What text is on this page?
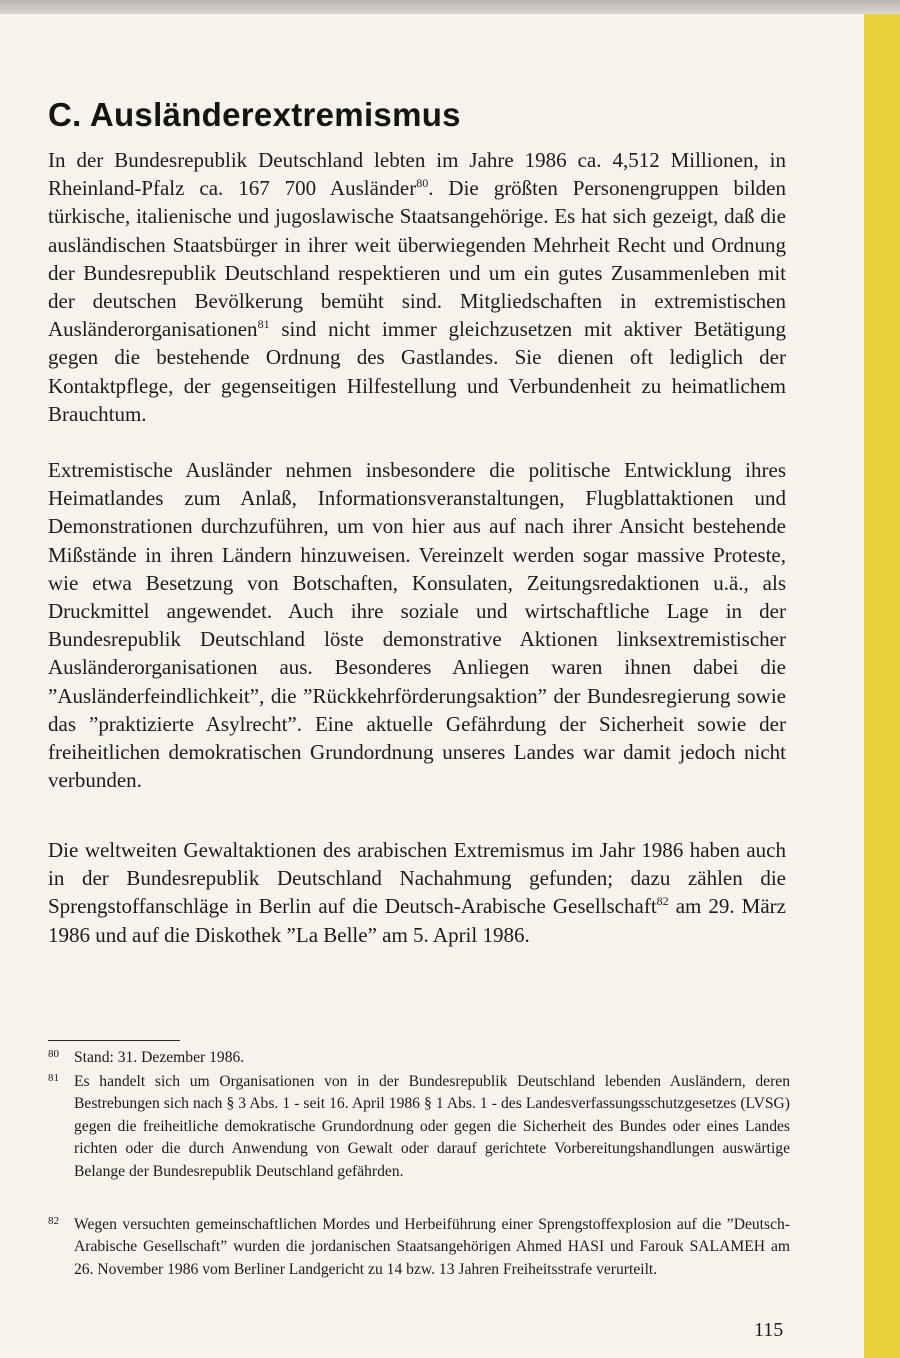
C. Ausländerextremismus

In der Bundesrepublik Deutschland lebten im Jahre 1986 ca. 4,512 Millionen, in Rheinland-Pfalz ca. 167 700 Ausländer$^{80}$. Die größten Personengruppen bilden türkische, italienische und jugoslawische Staatsangehörige. Es hat sich gezeigt, daß die ausländischen Staatsbürger in ihrer weit überwiegenden Mehrheit Recht und Ordnung der Bundesrepublik Deutschland respektieren und um ein gutes Zusammenleben mit der deutschen Bevölkerung bemüht sind. Mitgliedschaften in extremistischen Ausländerorganisationen$^{81}$ sind nicht immer gleichzusetzen mit aktiver Betätigung gegen die bestehende Ordnung des Gastlandes. Sie dienen oft lediglich der Kontaktpflege, der gegenseitigen Hilfestellung und Verbundenheit zu heimatlichem Brauchtum.

Extremistische Ausländer nehmen insbesondere die politische Entwicklung ihres Heimatlandes zum Anlaß, Informationsveranstaltungen, Flugblattaktionen und Demonstrationen durchzuführen, um von hier aus auf nach ihrer Ansicht bestehende Mißstände in ihren Ländern hinzuweisen. Vereinzelt werden sogar massive Proteste, wie etwa Besetzung von Botschaften, Konsulaten, Zeitungsredaktionen u.ä., als Druckmittel angewendet. Auch ihre soziale und wirtschaftliche Lage in der Bundesrepublik Deutschland löste demonstrative Aktionen linksextremistischer Ausländerorganisationen aus. Besonderes Anliegen waren ihnen dabei die ”Ausländerfeindlichkeit”, die ”Rückkehrförderungsaktion” der Bundesregierung sowie das ”praktizierte Asylrecht”. Eine aktuelle Gefährdung der Sicherheit sowie der freiheitlichen demokratischen Grundordnung unseres Landes war damit jedoch nicht verbunden.

Die weltweiten Gewaltaktionen des arabischen Extremismus im Jahr 1986 haben auch in der Bundesrepublik Deutschland Nachahmung gefunden; dazu zählen die Sprengstoffanschläge in Berlin auf die Deutsch-Arabische Gesellschaft$^{82}$ am 29. März 1986 und auf die Diskothek ”La Belle” am 5. April 1986.

80 Stand: 31. Dezember 1986.
81 Es handelt sich um Organisationen von in der Bundesrepublik Deutschland lebenden Ausländern, deren Bestrebungen sich nach § 3 Abs. 1 - seit 16. April 1986 § 1 Abs. 1 - des Landesverfassungsschutzgesetzes (LVSG) gegen die freiheitliche demokratische Grundordnung oder gegen die Sicherheit des Bundes oder eines Landes richten oder die durch Anwendung von Gewalt oder darauf gerichtete Vorbereitungshandlungen auswärtige Belange der Bundesrepublik Deutschland gefährden.
82 Wegen versuchten gemeinschaftlichen Mordes und Herbeiführung einer Sprengstoffexplosion auf die ”Deutsch-Arabische Gesellschaft” wurden die jordanischen Staatsangehörigen Ahmed HASI und Farouk SALAMEH am 26. November 1986 vom Berliner Landgericht zu 14 bzw. 13 Jahren Freiheitsstrafe verurteilt.
115
